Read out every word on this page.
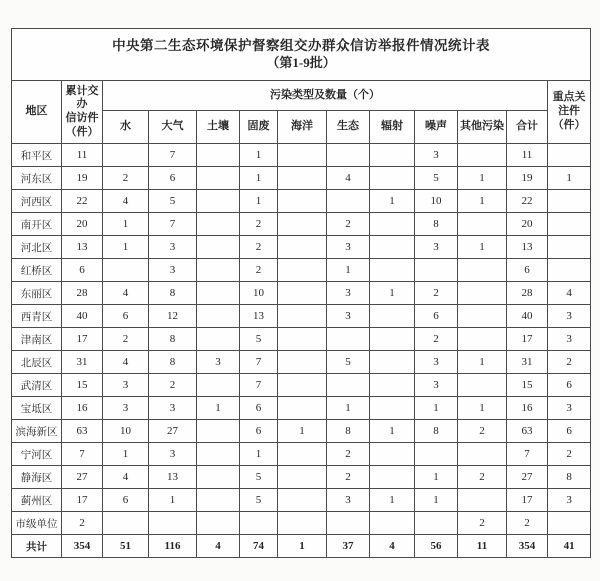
中央第二生态环境保护督察组交办群众信访举报件情况统计表
（第1-9批）												

地区	累计交办
信访件
（件）	污染类型及数量（个）										重点关
注件
（件）

		水	大气	土壤	固废	海洋	生态	辐射	噪声	其他污染	合计	
和平区	11		7		1				3		11	
河东区	19	2	6		1		4		5	1	19	1
河西区	22	4	5		1			1	10	1	22	
南开区	20	1	7		2		2		8		20	
河北区	13	1	3		2		3		3	1	13	
红桥区	6		3		2		1				6	
东丽区	28	4	8		10		3	1	2		28	4
西青区	40	6	12		13		3		6		40	3
津南区	17	2	8		5				2		17	3
北辰区	31	4	8	3	7		5		3	1	31	2
武清区	15	3	2		7				3		15	6
宝坻区	16	3	3	1	6		1		1	1	16	3
滨海新区	63	10	27		6	1	8	1	8	2	63	6
宁河区	7	1	3		1		2				7	2
静海区	27	4	13		5		2		1	2	27	8
蓟州区	17	6	1		5		3	1	1		17	3
市级单位	2									2	2	
共计	354	51	116	4	74	1	37	4	56	11	354	41
